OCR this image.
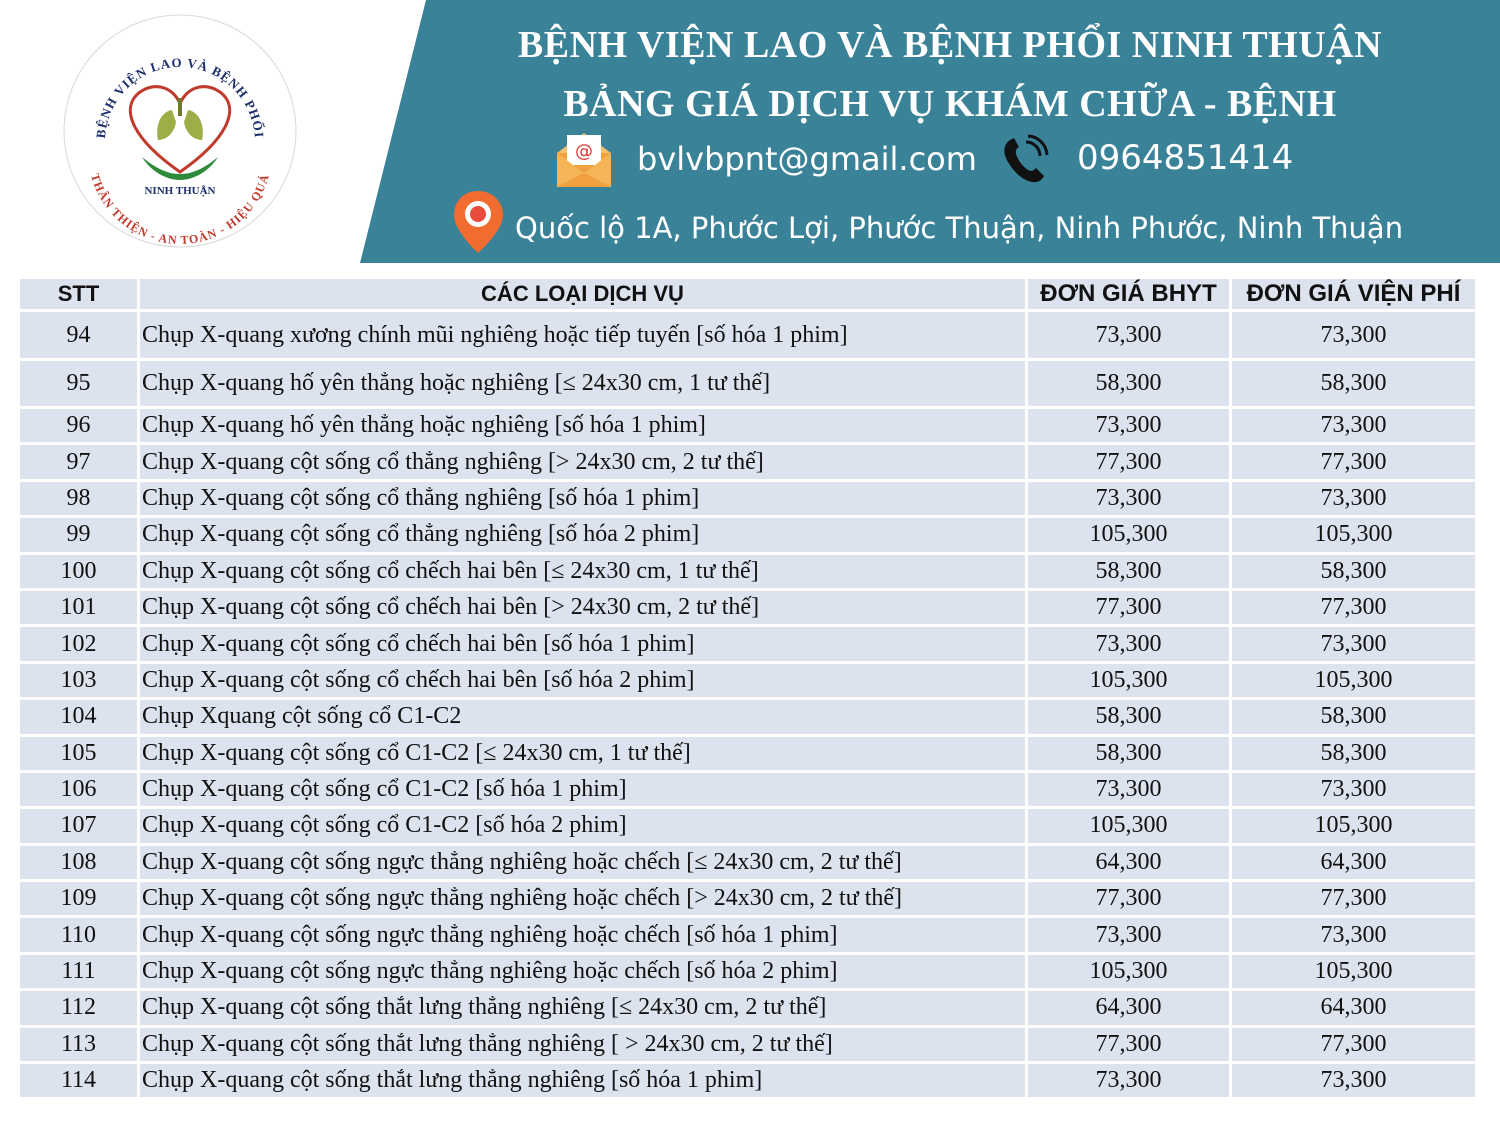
BỆNH VIỆN LAO VÀ BỆNH PHỔI
NINH THUẬN
THÂN THIỆN - AN TOÀN - HIỆU QUẢ
BỆNH VIỆN LAO VÀ BỆNH PHỔI NINH THUẬN
BẢNG GIÁ DỊCH VỤ KHÁM CHỮA - BỆNH
@ bvlvbpnt@gmail.com	0964851414
Quốc lộ 1A, Phước Lợi, Phước Thuận, Ninh Phước, Ninh Thuận
STT	CÁC LOẠI DỊCH VỤ	ĐƠN GIÁ BHYT	ĐƠN GIÁ VIỆN PHÍ
94	Chụp X-quang xương chính mũi nghiêng hoặc tiếp tuyến [số hóa 1 phim]	73,300	73,300
95	Chụp X-quang hố yên thẳng hoặc nghiêng [≤ 24x30 cm, 1 tư thế]	58,300	58,300
96	Chụp X-quang hố yên thẳng hoặc nghiêng [số hóa 1 phim]	73,300	73,300
97	Chụp X-quang cột sống cổ thẳng nghiêng [> 24x30 cm, 2 tư thế]	77,300	77,300
98	Chụp X-quang cột sống cổ thẳng nghiêng [số hóa 1 phim]	73,300	73,300
99	Chụp X-quang cột sống cổ thẳng nghiêng [số hóa 2 phim]	105,300	105,300
100	Chụp X-quang cột sống cổ chếch hai bên [≤ 24x30 cm, 1 tư thế]	58,300	58,300
101	Chụp X-quang cột sống cổ chếch hai bên [> 24x30 cm, 2 tư thế]	77,300	77,300
102	Chụp X-quang cột sống cổ chếch hai bên [số hóa 1 phim]	73,300	73,300
103	Chụp X-quang cột sống cổ chếch hai bên [số hóa 2 phim]	105,300	105,300
104	Chụp Xquang cột sống cổ C1-C2	58,300	58,300
105	Chụp X-quang cột sống cổ C1-C2 [≤ 24x30 cm, 1 tư thế]	58,300	58,300
106	Chụp X-quang cột sống cổ C1-C2 [số hóa 1 phim]	73,300	73,300
107	Chụp X-quang cột sống cổ C1-C2 [số hóa 2 phim]	105,300	105,300
108	Chụp X-quang cột sống ngực thẳng nghiêng hoặc chếch [≤ 24x30 cm, 2 tư thế]	64,300	64,300
109	Chụp X-quang cột sống ngực thẳng nghiêng hoặc chếch [> 24x30 cm, 2 tư thế]	77,300	77,300
110	Chụp X-quang cột sống ngực thẳng nghiêng hoặc chếch [số hóa 1 phim]	73,300	73,300
111	Chụp X-quang cột sống ngực thẳng nghiêng hoặc chếch [số hóa 2 phim]	105,300	105,300
112	Chụp X-quang cột sống thắt lưng thẳng nghiêng [≤ 24x30 cm, 2 tư thế]	64,300	64,300
113	Chụp X-quang cột sống thắt lưng thẳng nghiêng [ > 24x30 cm, 2 tư thế]	77,300	77,300
114	Chụp X-quang cột sống thắt lưng thẳng nghiêng [số hóa 1 phim]	73,300	73,300
